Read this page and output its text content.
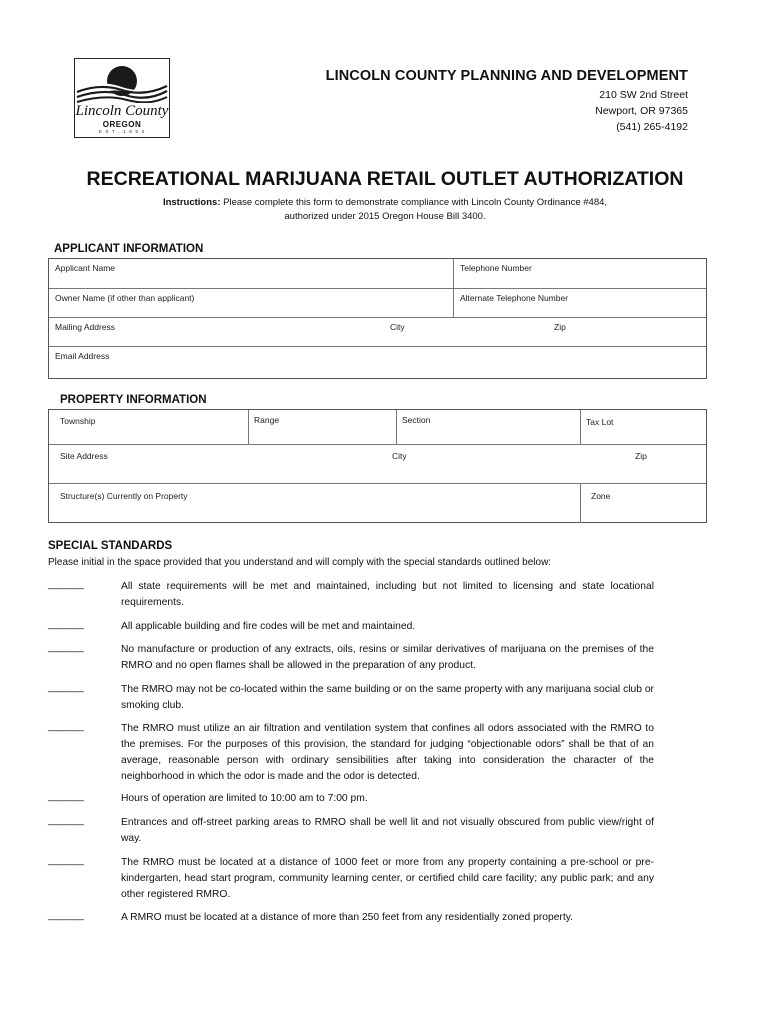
Lincoln County
OREGON
E S T . 1 8 9 3
LINCOLN COUNTY PLANNING AND DEVELOPMENT
210 SW 2nd Street
Newport, OR 97365
(541) 265-4192
RECREATIONAL MARIJUANA RETAIL OUTLET AUTHORIZATION
Instructions: Please complete this form to demonstrate compliance with Lincoln County Ordinance #484,
authorized under 2015 Oregon House Bill 3400.
APPLICANT INFORMATION
Applicant Name	Telephone Number
Owner Name (if other than applicant)	Alternate Telephone Number
Mailing Address	City	Zip
Email Address
PROPERTY INFORMATION
Township	Range	Section	Tax Lot
Site Address	City	Zip
Structure(s) Currently on Property	Zone
SPECIAL STANDARDS
Please initial in the space provided that you understand and will comply with the special standards outlined below:
_______	All state requirements will be met and maintained, including but not limited to licensing and state locational requirements.
_______	All applicable building and fire codes will be met and maintained.
_______	No manufacture or production of any extracts, oils, resins or similar derivatives of marijuana on the premises of the RMRO and no open flames shall be allowed in the preparation of any product.
_______	The RMRO may not be co-located within the same building or on the same property with any marijuana social club or smoking club.
_______	The RMRO must utilize an air filtration and ventilation system that confines all odors associated with the RMRO to the premises. For the purposes of this provision, the standard for judging “objectionable odors” shall be that of an average, reasonable person with ordinary sensibilities after taking into consideration the character of the neighborhood in which the odor is made and the odor is detected.
_______	Hours of operation are limited to 10:00 am to 7:00 pm.
_______	Entrances and off-street parking areas to RMRO shall be well lit and not visually obscured from public view/right of way.
_______	The RMRO must be located at a distance of 1000 feet or more from any property containing a pre-school or pre-kindergarten, head start program, community learning center, or certified child care facility; any public park; and any other registered RMRO.
_______	A RMRO must be located at a distance of more than 250 feet from any residentially zoned property.
